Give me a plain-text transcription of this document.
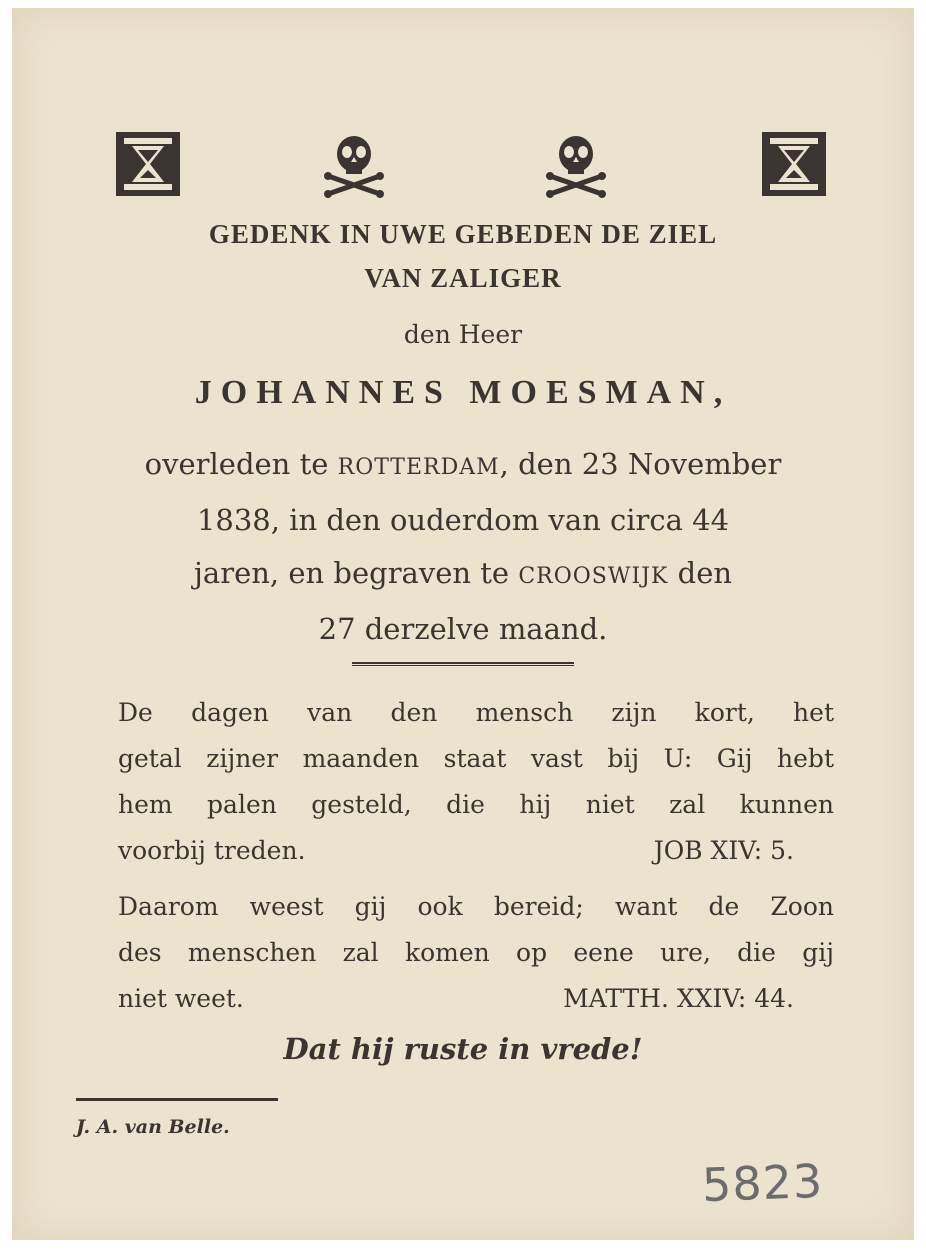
GEDENK IN UWE GEBEDEN DE ZIEL
VAN ZALIGER
den Heer
JOHANNES MOESMAN,
overleden te ROTTERDAM, den 23 November
1838, in den ouderdom van circa 44
jaren, en begraven te CROOSWIJK den
27 derzelve maand.
De dagen van den mensch zijn kort, het
getal zijner maanden staat vast bij U: Gij hebt
hem palen gesteld, die hij niet zal kunnen
voorbij treden.	JOB XIV: 5.
Daarom weest gij ook bereid; want de Zoon
des menschen zal komen op eene ure, die gij
niet weet.	MATTH. XXIV: 44.
Dat hij ruste in vrede!
J. A. van Belle.
5823
